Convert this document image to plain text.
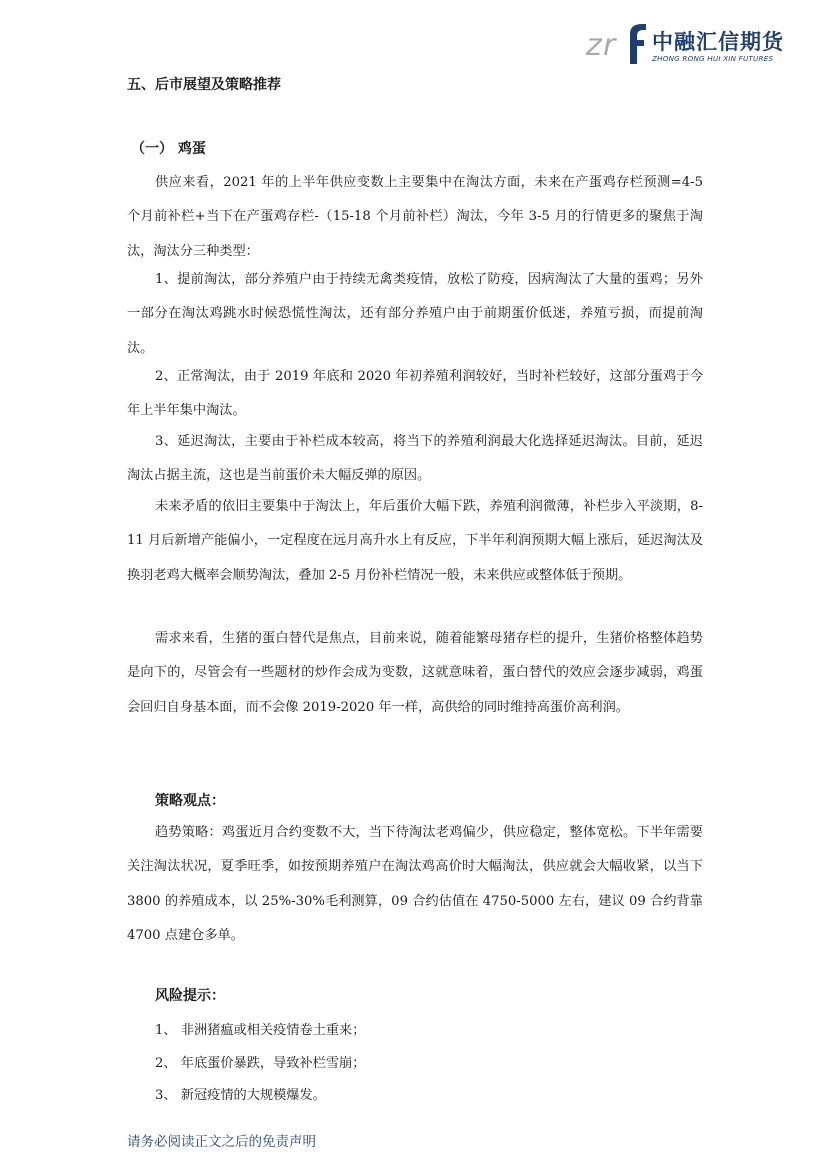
z r 中融汇信期货
ZHONG RONG HUI XIN FUTURES
五、后市展望及策略推荐
（一） 鸡蛋

供应来看，2021 年的上半年供应变数上主要集中在淘汰方面，未来在产蛋鸡存栏预测=4-5 个月前补栏+当下在产蛋鸡存栏-（15-18 个月前补栏）淘汰，今年 3-5 月的行情更多的聚焦于淘汰，淘汰分三种类型：

1、提前淘汰，部分养殖户由于持续无禽类疫情，放松了防疫，因病淘汰了大量的蛋鸡；另外一部分在淘汰鸡跳水时候恐慌性淘汰，还有部分养殖户由于前期蛋价低迷，养殖亏损，而提前淘汰。

2、正常淘汰，由于 2019 年底和 2020 年初养殖利润较好，当时补栏较好，这部分蛋鸡于今年上半年集中淘汰。

3、延迟淘汰，主要由于补栏成本较高，将当下的养殖利润最大化选择延迟淘汰。目前，延迟淘汰占据主流，这也是当前蛋价未大幅反弹的原因。

未来矛盾的依旧主要集中于淘汰上，年后蛋价大幅下跌，养殖利润微薄，补栏步入平淡期，8-11 月后新增产能偏小，一定程度在远月高升水上有反应，下半年利润预期大幅上涨后，延迟淘汰及换羽老鸡大概率会顺势淘汰，叠加 2-5 月份补栏情况一般，未来供应或整体低于预期。

需求来看，生猪的蛋白替代是焦点，目前来说，随着能繁母猪存栏的提升，生猪价格整体趋势是向下的，尽管会有一些题材的炒作会成为变数，这就意味着，蛋白替代的效应会逐步减弱，鸡蛋会回归自身基本面，而不会像 2019-2020 年一样，高供给的同时维持高蛋价高利润。

策略观点：

趋势策略：鸡蛋近月合约变数不大，当下待淘汰老鸡偏少，供应稳定，整体宽松。下半年需要关注淘汰状况，夏季旺季，如按预期养殖户在淘汰鸡高价时大幅淘汰，供应就会大幅收紧，以当下 3800 的养殖成本，以 25%-30%毛利测算，09 合约估值在 4750-5000 左右，建议 09 合约背靠 4700 点建仓多单。

风险提示：
1、 非洲猪瘟或相关疫情卷土重来；
2、 年底蛋价暴跌，导致补栏雪崩；
3、 新冠疫情的大规模爆发。
请务必阅读正文之后的免责声明
